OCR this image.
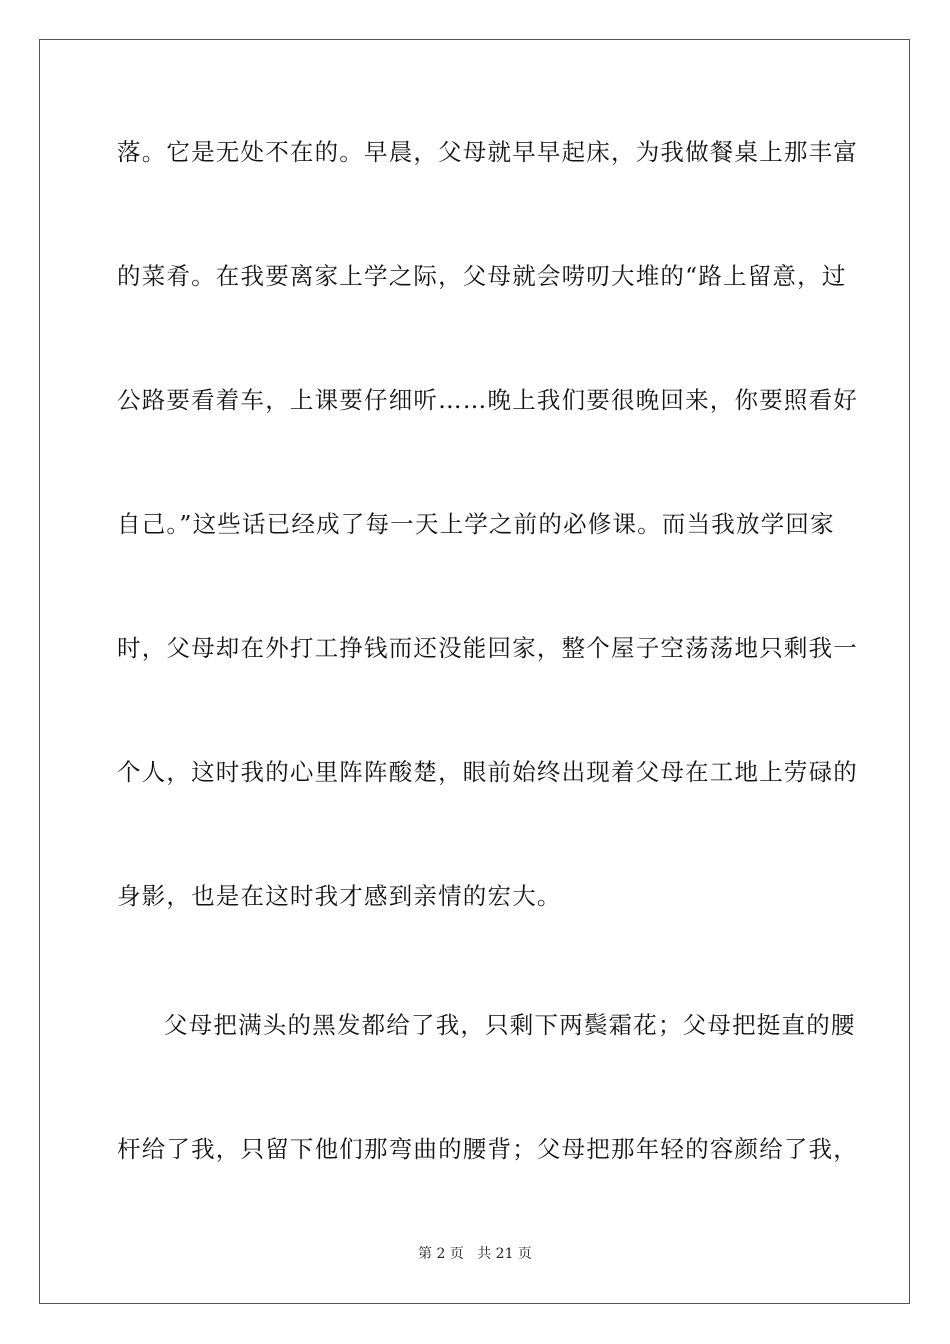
落。它是无处不在的。早晨，父母就早早起床，为我做餐桌上那丰富
的菜肴。在我要离家上学之际，父母就会唠叨大堆的“路上留意，过
公路要看着车，上课要仔细听……晚上我们要很晚回来，你要照看好
自己。”这些话已经成了每一天上学之前的必修课。而当我放学回家
时，父母却在外打工挣钱而还没能回家，整个屋子空荡荡地只剩我一
个人，这时我的心里阵阵酸楚，眼前始终出现着父母在工地上劳碌的
身影，也是在这时我才感到亲情的宏大。
父母把满头的黑发都给了我，只剩下两鬓霜花；父母把挺直的腰
杆给了我，只留下他们那弯曲的腰背；父母把那年轻的容颜给了我，
第 2 页 共 21 页
